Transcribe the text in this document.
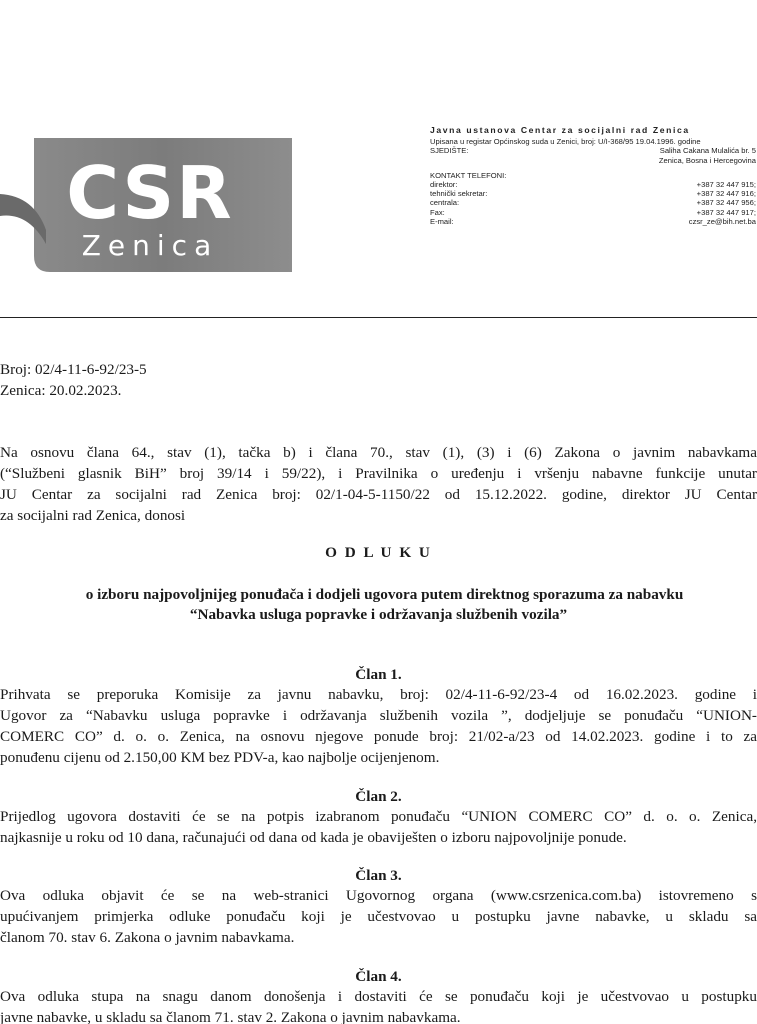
CSR
Zenica
Javna ustanova Centar za socijalni rad Zenica
Upisana u registar Općinskog suda u Zenici, broj: U/I-368/95 19.04.1996. godine
SJEDIŠTE:	Saliha Cakana Mulalića br. 5
Zenica, Bosna i Hercegovina
KONTAKT TELEFONI:
direktor:	+387 32 447 915;
tehnički sekretar:	+387 32 447 916;
centrala:	+387 32 447 956;
Fax:	+387 32 447 917;
E-mail:	czsr_ze@bih.net.ba
Broj: 02/4-11-6-92/23-5
Zenica: 20.02.2023.
Na osnovu člana 64., stav (1), tačka b) i člana 70., stav (1), (3) i (6) Zakona o javnim nabavkama
(“Službeni glasnik BiH” broj 39/14 i 59/22), i Pravilnika o uređenju i vršenju nabavne funkcije unutar
JU Centar za socijalni rad Zenica broj: 02/1-04-5-1150/22 od 15.12.2022. godine, direktor JU Centar
za socijalni rad Zenica, donosi
O D L U K U
o izboru najpovoljnijeg ponuđača i dodjeli ugovora putem direktnog sporazuma za nabavku
“Nabavka usluga popravke i održavanja službenih vozila”
Član 1.
Prihvata se preporuka Komisije za javnu nabavku, broj: 02/4-11-6-92/23-4 od 16.02.2023. godine i
Ugovor za “Nabavku usluga popravke i održavanja službenih vozila ”, dodjeljuje se ponuđaču “UNION-
COMERC CO” d. o. o. Zenica, na osnovu njegove ponude broj: 21/02-a/23 od 14.02.2023. godine i to za
ponuđenu cijenu od 2.150,00 KM bez PDV-a, kao najbolje ocijenjenom.
Član 2.
Prijedlog ugovora dostaviti će se na potpis izabranom ponuđaču “UNION COMERC CO” d. o. o. Zenica,
najkasnije u roku od 10 dana, računajući od dana od kada je obaviješten o izboru najpovoljnije ponude.
Član 3.
Ova odluka objavit će se na web-stranici Ugovornog organa (www.csrzenica.com.ba) istovremeno s
upućivanjem primjerka odluke ponuđaču koji je učestvovao u postupku javne nabavke, u skladu sa
članom 70. stav 6. Zakona o javnim nabavkama.
Član 4.
Ova odluka stupa na snagu danom donošenja i dostaviti će se ponuđaču koji je učestvovao u postupku
javne nabavke, u skladu sa članom 71. stav 2. Zakona o javnim nabavkama.
